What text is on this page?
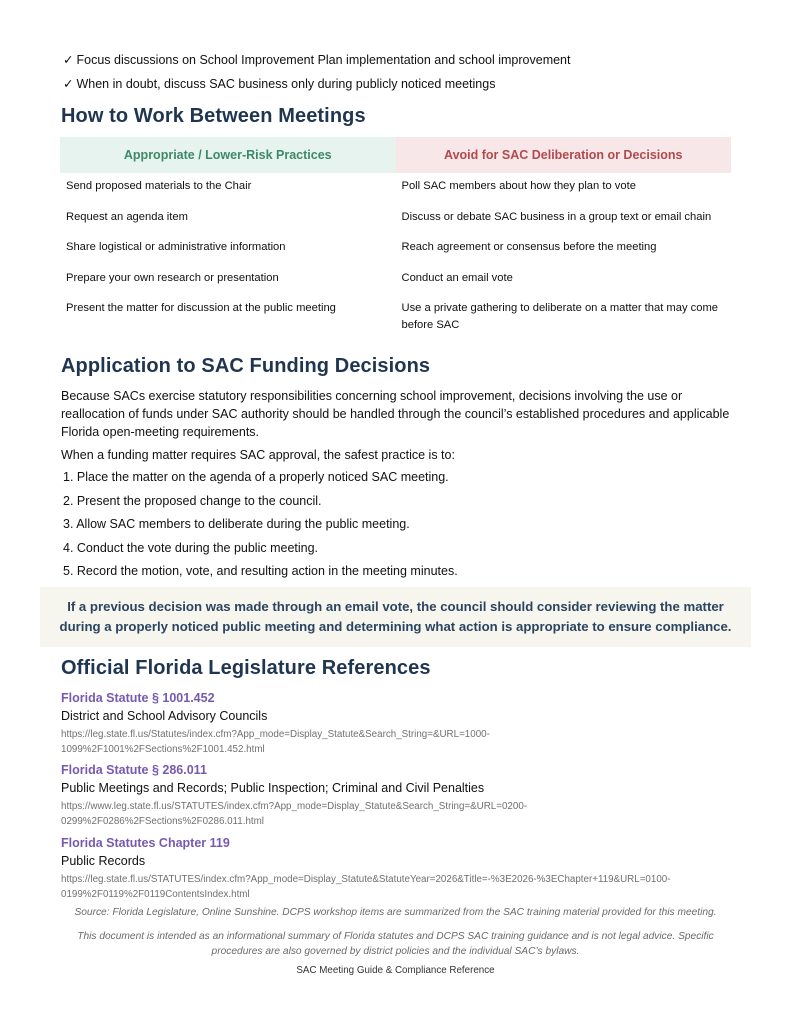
✓ Focus discussions on School Improvement Plan implementation and school improvement
✓ When in doubt, discuss SAC business only during publicly noticed meetings
How to Work Between Meetings
Appropriate / Lower-Risk Practices	Avoid for SAC Deliberation or Decisions
Send proposed materials to the Chair	Poll SAC members about how they plan to vote
Request an agenda item	Discuss or debate SAC business in a group text or email chain
Share logistical or administrative information	Reach agreement or consensus before the meeting
Prepare your own research or presentation	Conduct an email vote
Present the matter for discussion at the public meeting	Use a private gathering to deliberate on a matter that may come before SAC
Application to SAC Funding Decisions

Because SACs exercise statutory responsibilities concerning school improvement, decisions involving the use or reallocation of funds under SAC authority should be handled through the council’s established procedures and applicable Florida open-meeting requirements.

When a funding matter requires SAC approval, the safest practice is to:

1. Place the matter on the agenda of a properly noticed SAC meeting.
2. Present the proposed change to the council.
3. Allow SAC members to deliberate during the public meeting.
4. Conduct the vote during the public meeting.
5. Record the motion, vote, and resulting action in the meeting minutes.
If a previous decision was made through an email vote, the council should consider reviewing the matter
during a properly noticed public meeting and determining what action is appropriate to ensure compliance.
Official Florida Legislature References
Florida Statute § 1001.452
District and School Advisory Councils
https://leg.state.fl.us/Statutes/index.cfm?App_mode=Display_Statute&Search_String=&URL=1000-
1099%2F1001%2FSections%2F1001.452.html
Florida Statute § 286.011
Public Meetings and Records; Public Inspection; Criminal and Civil Penalties
https://www.leg.state.fl.us/STATUTES/index.cfm?App_mode=Display_Statute&Search_String=&URL=0200-
0299%2F0286%2FSections%2F0286.011.html
Florida Statutes Chapter 119
Public Records
https://leg.state.fl.us/STATUTES/index.cfm?App_mode=Display_Statute&StatuteYear=2026&Title=-%3E2026-%3EChapter+119&URL=0100-
0199%2F0119%2F0119ContentsIndex.html
Source: Florida Legislature, Online Sunshine. DCPS workshop items are summarized from the SAC training material provided for this meeting.
This document is intended as an informational summary of Florida statutes and DCPS SAC training guidance and is not legal advice. Specific
procedures are also governed by district policies and the individual SAC’s bylaws.
SAC Meeting Guide & Compliance Reference
